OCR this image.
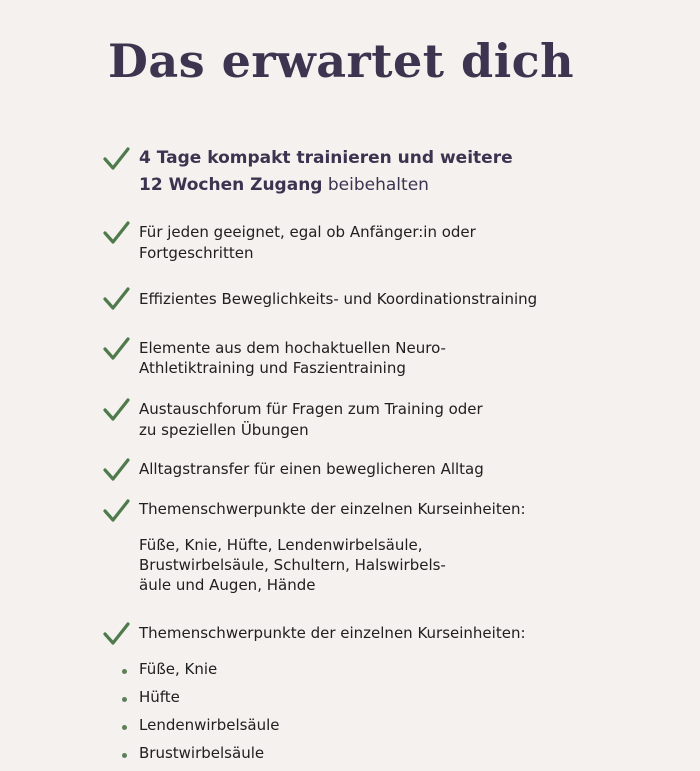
Das erwartet dich
4 Tage kompakt trainieren und weitere
12 Wochen Zugang beibehalten
Für jeden geeignet, egal ob Anfänger:in oder
Fortgeschritten
Effizientes Beweglichkeits- und Koordinationstraining
Elemente aus dem hochaktuellen Neuro-
Athletiktraining und Faszientraining
Austauschforum für Fragen zum Training oder
zu speziellen Übungen
Alltagstransfer für einen beweglicheren Alltag
Themenschwerpunkte der einzelnen Kurseinheiten:
Füße, Knie, Hüfte, Lendenwirbelsäule,
Brustwirbelsäule, Schultern, Halswirbels-
äule und Augen, Hände
Themenschwerpunkte der einzelnen Kurseinheiten:
Füße, Knie
Hüfte
Lendenwirbelsäule
Brustwirbelsäule
